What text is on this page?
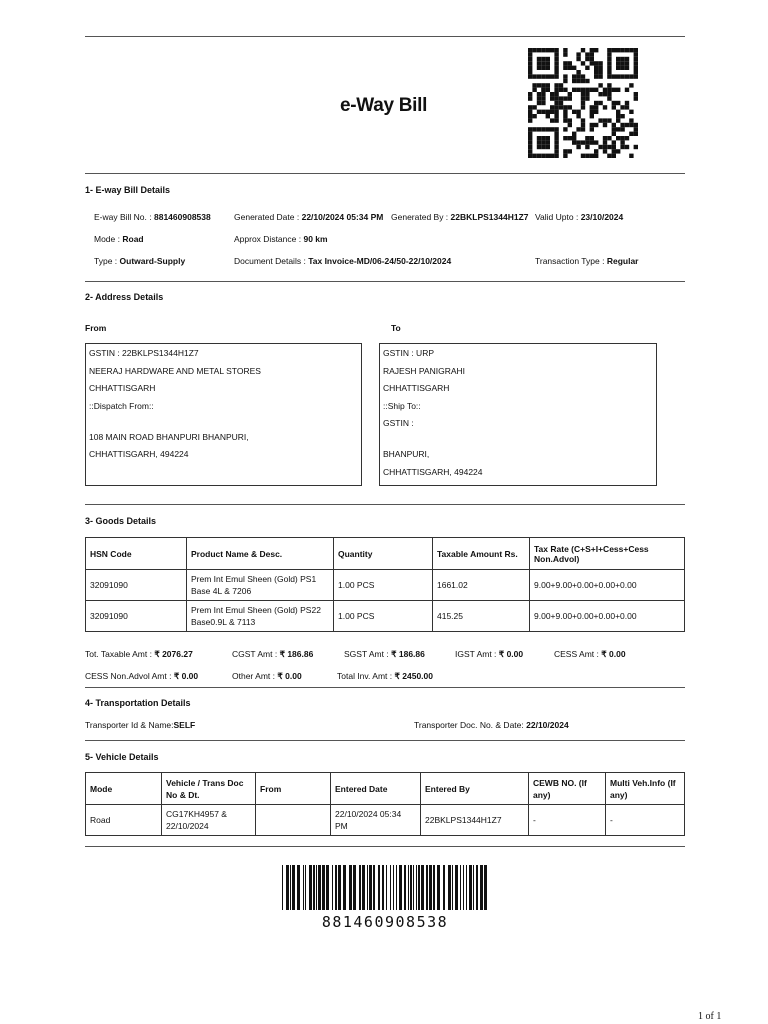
e-Way Bill
1- E-way Bill Details
E-way Bill No. : 881460908538	Generated Date : 22/10/2024 05:34 PM Generated By : 22BKLPS1344H1Z7 Valid Upto : 23/10/2024
Mode : Road	Approx Distance : 90 km
Type : Outward-Supply	Document Details : Tax Invoice-MD/06-24/50-22/10/2024	Transaction Type : Regular
2- Address Details
From	To
GSTIN : 22BKLPS1344H1Z7
NEERAJ HARDWARE AND METAL STORES
CHHATTISGARH
::Dispatch From::
108 MAIN ROAD BHANPURI BHANPURI,
CHHATTISGARH, 494224
GSTIN : URP
RAJESH PANIGRAHI
CHHATTISGARH
::Ship To::
GSTIN :
BHANPURI,
CHHATTISGARH, 494224
3- Goods Details
HSN Code	Product Name & Desc.	Quantity	Taxable Amount Rs.	Tax Rate (C+S+I+Cess+Cess Non.Advol)
32091090	Prem Int Emul Sheen (Gold) PS1 Base 4L & 7206	1.00 PCS	1661.02	9.00+9.00+0.00+0.00+0.00
32091090	Prem Int Emul Sheen (Gold) PS22 Base0.9L & 7113	1.00 PCS	415.25	9.00+9.00+0.00+0.00+0.00
Tot. Taxable Amt : ₹ 2076.27	CGST Amt : ₹ 186.86	SGST Amt : ₹ 186.86	IGST Amt : ₹ 0.00	CESS Amt : ₹ 0.00
CESS Non.Advol Amt : ₹ 0.00	Other Amt : ₹ 0.00	Total Inv. Amt : ₹ 2450.00
4- Transportation Details
Transporter Id & Name:SELF	Transporter Doc. No. & Date: 22/10/2024
5- Vehicle Details
Mode	Vehicle / Trans Doc No & Dt.	From	Entered Date	Entered By	CEWB NO. (If any)	Multi Veh.Info (If any)
Road	CG17KH4957 & 22/10/2024		22/10/2024 05:34 PM	22BKLPS1344H1Z7	-	-
881460908538
1 of 1
